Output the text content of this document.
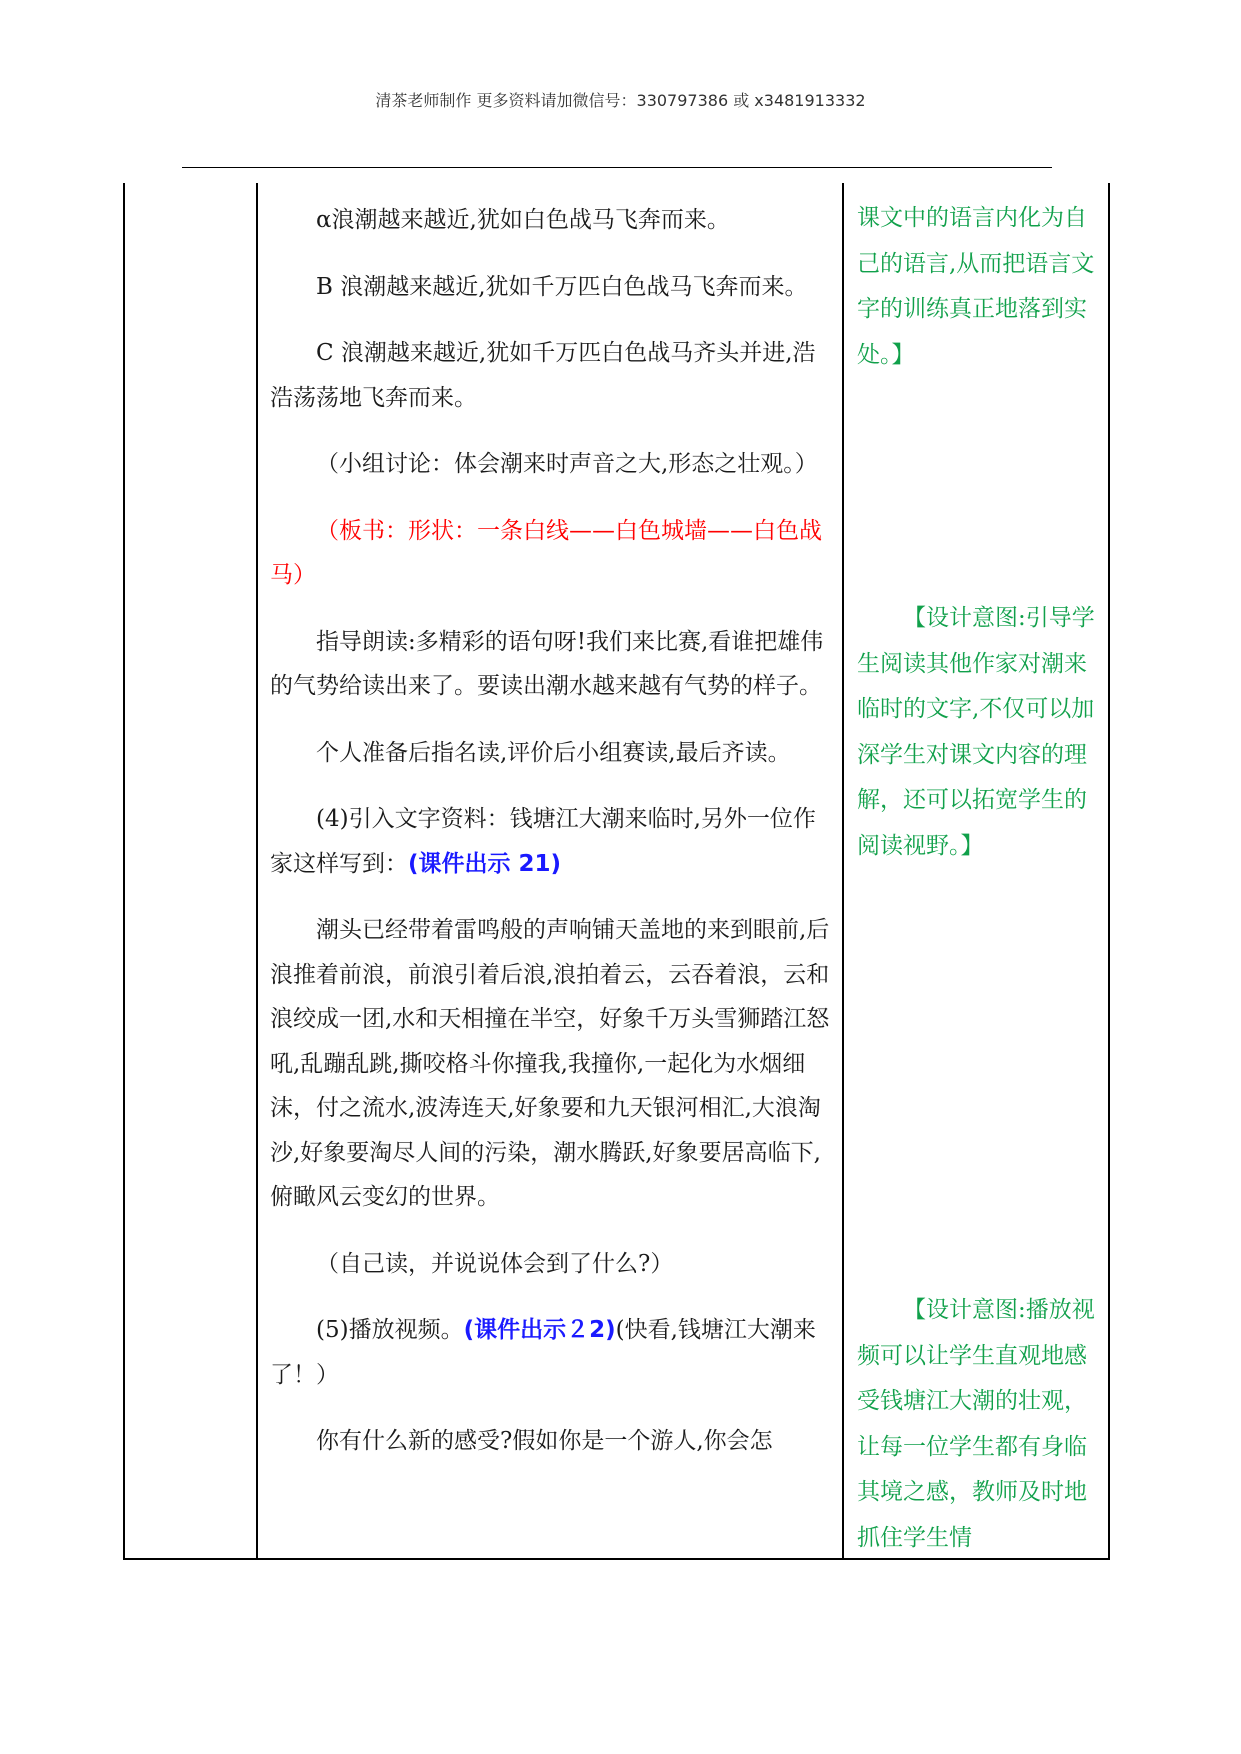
清茶老师制作 更多资料请加微信号：330797386 或 x3481913332

α浪潮越来越近,犹如白色战马飞奔而来。

B 浪潮越来越近,犹如千万匹白色战马飞奔而来。

C 浪潮越来越近,犹如千万匹白色战马齐头并进,浩浩荡荡地飞奔而来。

（小组讨论：体会潮来时声音之大,形态之壮观。）

（板书：形状：一条白线——白色城墙——白色战马）

指导朗读:多精彩的语句呀!我们来比赛,看谁把雄伟的气势给读出来了。要读出潮水越来越有气势的样子。

个人准备后指名读,评价后小组赛读,最后齐读。

(4)引入文字资料：钱塘江大潮来临时,另外一位作家这样写到：(课件出示 21)

潮头已经带着雷鸣般的声响铺天盖地的来到眼前,后浪推着前浪，前浪引着后浪,浪拍着云，云吞着浪，云和浪绞成一团,水和天相撞在半空，好象千万头雪狮踏江怒吼,乱蹦乱跳,撕咬格斗你撞我,我撞你,一起化为水烟细沫，付之流水,波涛连天,好象要和九天银河相汇,大浪淘沙,好象要淘尽人间的污染，潮水腾跃,好象要居高临下,俯瞰风云变幻的世界。

（自己读，并说说体会到了什么?）

(5)播放视频。(课件出示２2)(快看,钱塘江大潮来了！）

你有什么新的感受?假如你是一个游人,你会怎

课文中的语言内化为自己的语言,从而把语言文字的训练真正地落到实处。】
【设计意图:引导学生阅读其他作家对潮来临时的文字,不仅可以加深学生对课文内容的理解，还可以拓宽学生的阅读视野。】
【设计意图:播放视频可以让学生直观地感受钱塘江大潮的壮观， 让每一位学生都有身临其境之感，教师及时地抓住学生情
